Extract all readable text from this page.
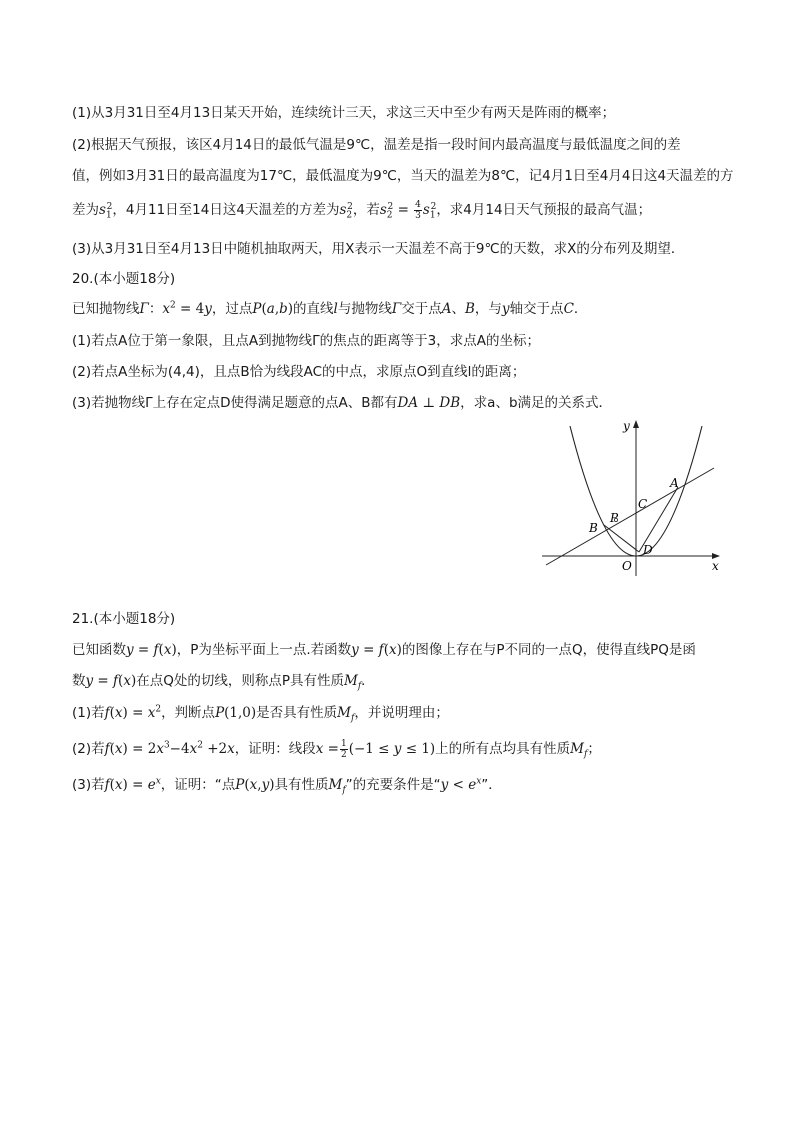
(1)从3月31日至4月13日某天开始，连续统计三天，求这三天中至少有两天是阵雨的概率；
(2)根据天气预报，该区4月14日的最低气温是9℃，温差是指一段时间内最高温度与最低温度之间的差
值，例如3月31日的最高温度为17℃，最低温度为9℃，当天的温差为8℃，记4月1日至4月4日这4天温差的方
差为$s_1^2$，4月11日至14日这4天温差的方差为$s_2^2$，若$s_2^2 = \frac{4}{3} s_1^2$，求4月14日天气预报的最高气温；
(3)从3月31日至4月13日中随机抽取两天，用X表示一天温差不高于9℃的天数，求X的分布列及期望．
20.(本小题18分)
已知抛物线Γ：$x^2 = 4y$，过点P(a,b)的直线l与抛物线Γ交于点A、B，与y轴交于点C．
(1)若点A位于第一象限，且点A到抛物线Γ的焦点的距离等于3，求点A的坐标；
(2)若点A坐标为(4,4)，且点B恰为线段AC的中点，求原点O到直线l的距离；
(3)若抛物线Γ上存在定点D使得满足题意的点A、B都有DA ⊥ DB，求a、b满足的关系式．
y
x
O
A
B
C
P
D
21.(本小题18分)
已知函数y = f(x)，P为坐标平面上一点.若函数y = f(x)的图像上存在与P不同的一点Q，使得直线PQ是函
数y = f(x)在点Q处的切线，则称点P具有性质$M_f$．
(1)若$f(x) = x^2$，判断点P(1,0)是否具有性质$M_f$，并说明理由；
(2)若$f(x) = 2x^3-4x^2 +2x$，证明：线段$x = \frac{1}{2} (-1 \le y \le 1)$上的所有点均具有性质$M_f$；
(3)若$f(x) = e^x$，证明：“点P(x,y)具有性质$M_f$”的充要条件是“$y < e^x$”．
